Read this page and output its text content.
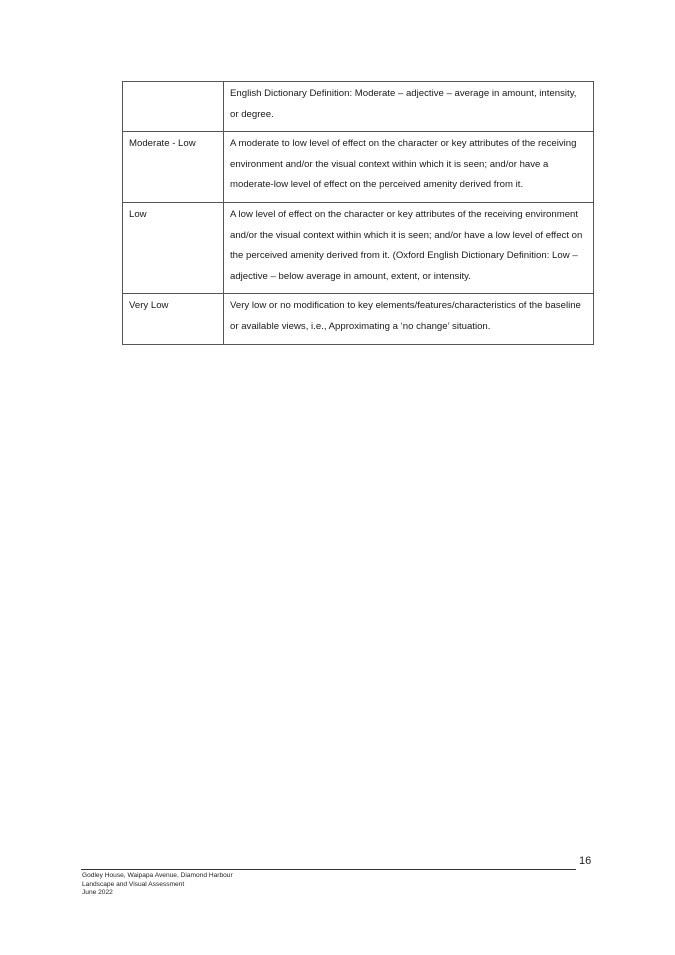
	English Dictionary Definition: Moderate – adjective – average in amount, intensity, or degree.
Moderate - Low	A moderate to low level of effect on the character or key attributes of the receiving environment and/or the visual context within which it is seen; and/or have a moderate-low level of effect on the perceived amenity derived from it.
Low	A low level of effect on the character or key attributes of the receiving environment and/or the visual context within which it is seen; and/or have a low level of effect on the perceived amenity derived from it. (Oxford English Dictionary Definition: Low – adjective – below average in amount, extent, or intensity.
Very Low	Very low or no modification to key elements/features/characteristics of the baseline or available views, i.e., Approximating a ‘no change’ situation.
16
Godley House, Waipapa Avenue, Diamond Harbour
Landscape and Visual Assessment
June 2022
